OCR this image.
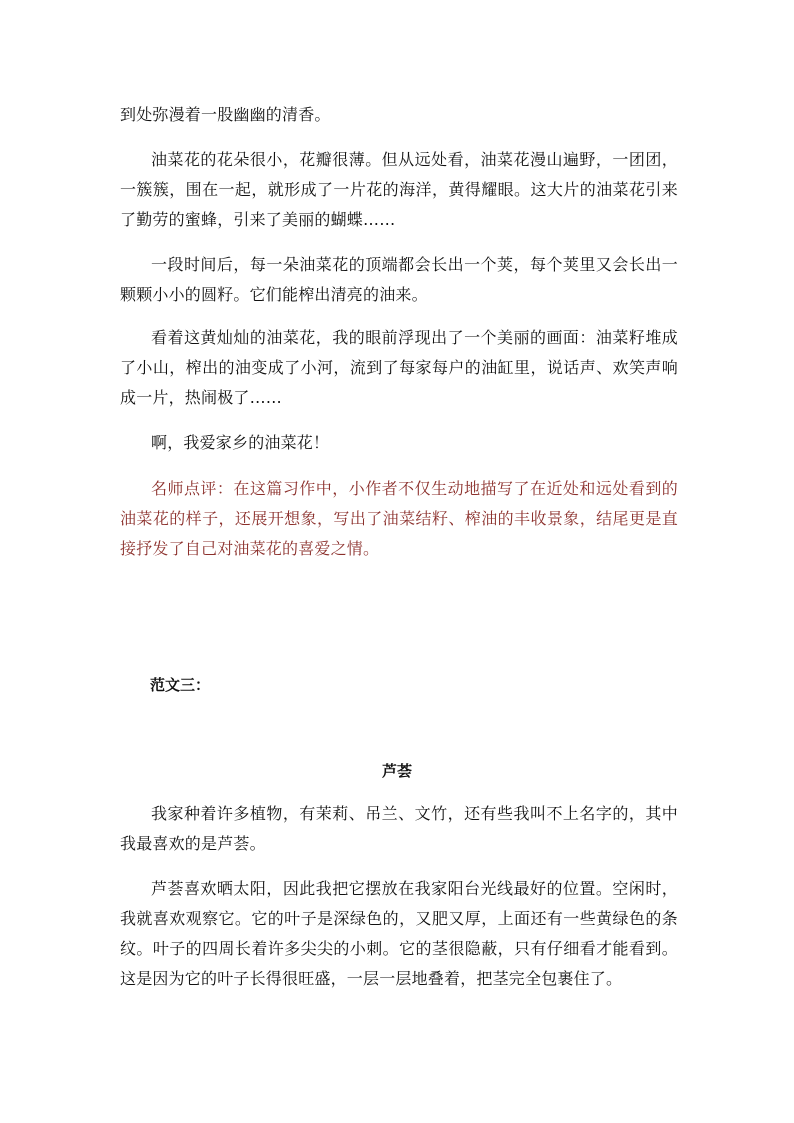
到处弥漫着一股幽幽的清香。

油菜花的花朵很小，花瓣很薄。但从远处看，油菜花漫山遍野，一团团，一簇簇，围在一起，就形成了一片花的海洋，黄得耀眼。这大片的油菜花引来了勤劳的蜜蜂，引来了美丽的蝴蝶……

一段时间后，每一朵油菜花的顶端都会长出一个荚，每个荚里又会长出一颗颗小小的圆籽。它们能榨出清亮的油来。

看着这黄灿灿的油菜花，我的眼前浮现出了一个美丽的画面：油菜籽堆成了小山，榨出的油变成了小河，流到了每家每户的油缸里，说话声、欢笑声响成一片，热闹极了……

啊，我爱家乡的油菜花！

名师点评：在这篇习作中，小作者不仅生动地描写了在近处和远处看到的油菜花的样子，还展开想象，写出了油菜结籽、榨油的丰收景象，结尾更是直接抒发了自己对油菜花的喜爱之情。

范文三：

芦荟

我家种着许多植物，有茉莉、吊兰、文竹，还有些我叫不上名字的，其中我最喜欢的是芦荟。

芦荟喜欢晒太阳，因此我把它摆放在我家阳台光线最好的位置。空闲时，我就喜欢观察它。它的叶子是深绿色的，又肥又厚，上面还有一些黄绿色的条纹。叶子的四周长着许多尖尖的小刺。它的茎很隐蔽，只有仔细看才能看到。这是因为它的叶子长得很旺盛，一层一层地叠着，把茎完全包裹住了。
